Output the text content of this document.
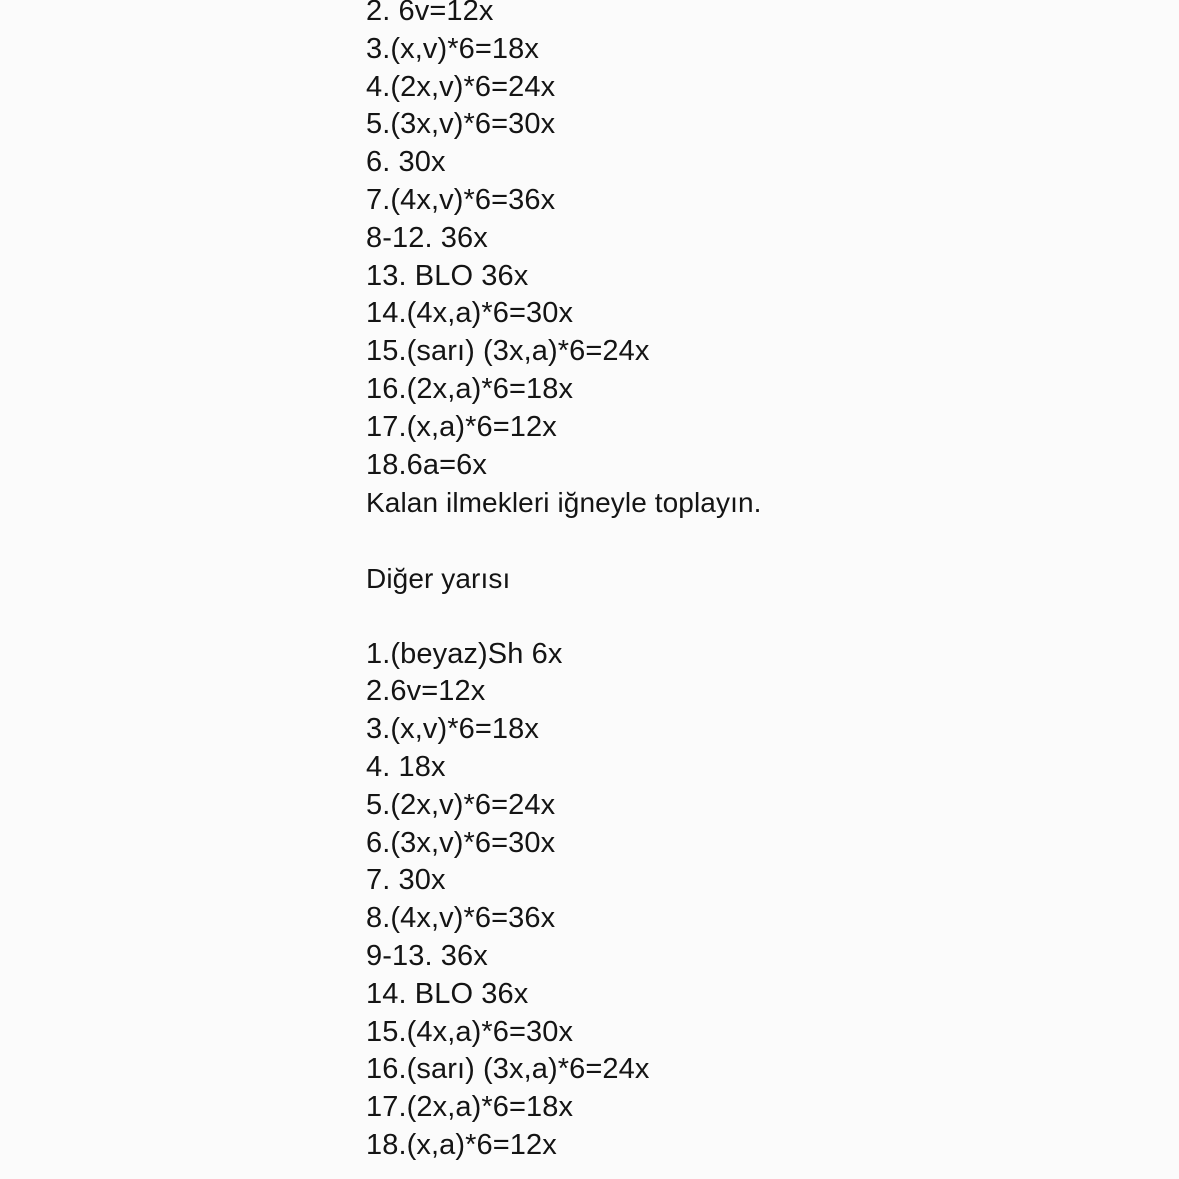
2. 6v=12x
3.(x,v)*6=18x
4.(2x,v)*6=24x
5.(3x,v)*6=30x
6. 30x
7.(4x,v)*6=36x
8-12. 36x
13. BLO 36x
14.(4x,a)*6=30x
15.(sarı) (3x,a)*6=24x
16.(2x,a)*6=18x
17.(x,a)*6=12x
18.6a=6x
Kalan ilmekleri iğneyle toplayın.
Diğer yarısı
1.(beyaz)Sh 6x
2.6v=12x
3.(x,v)*6=18x
4. 18x
5.(2x,v)*6=24x
6.(3x,v)*6=30x
7. 30x
8.(4x,v)*6=36x
9-13. 36x
14. BLO 36x
15.(4x,a)*6=30x
16.(sarı) (3x,a)*6=24x
17.(2x,a)*6=18x
18.(x,a)*6=12x
